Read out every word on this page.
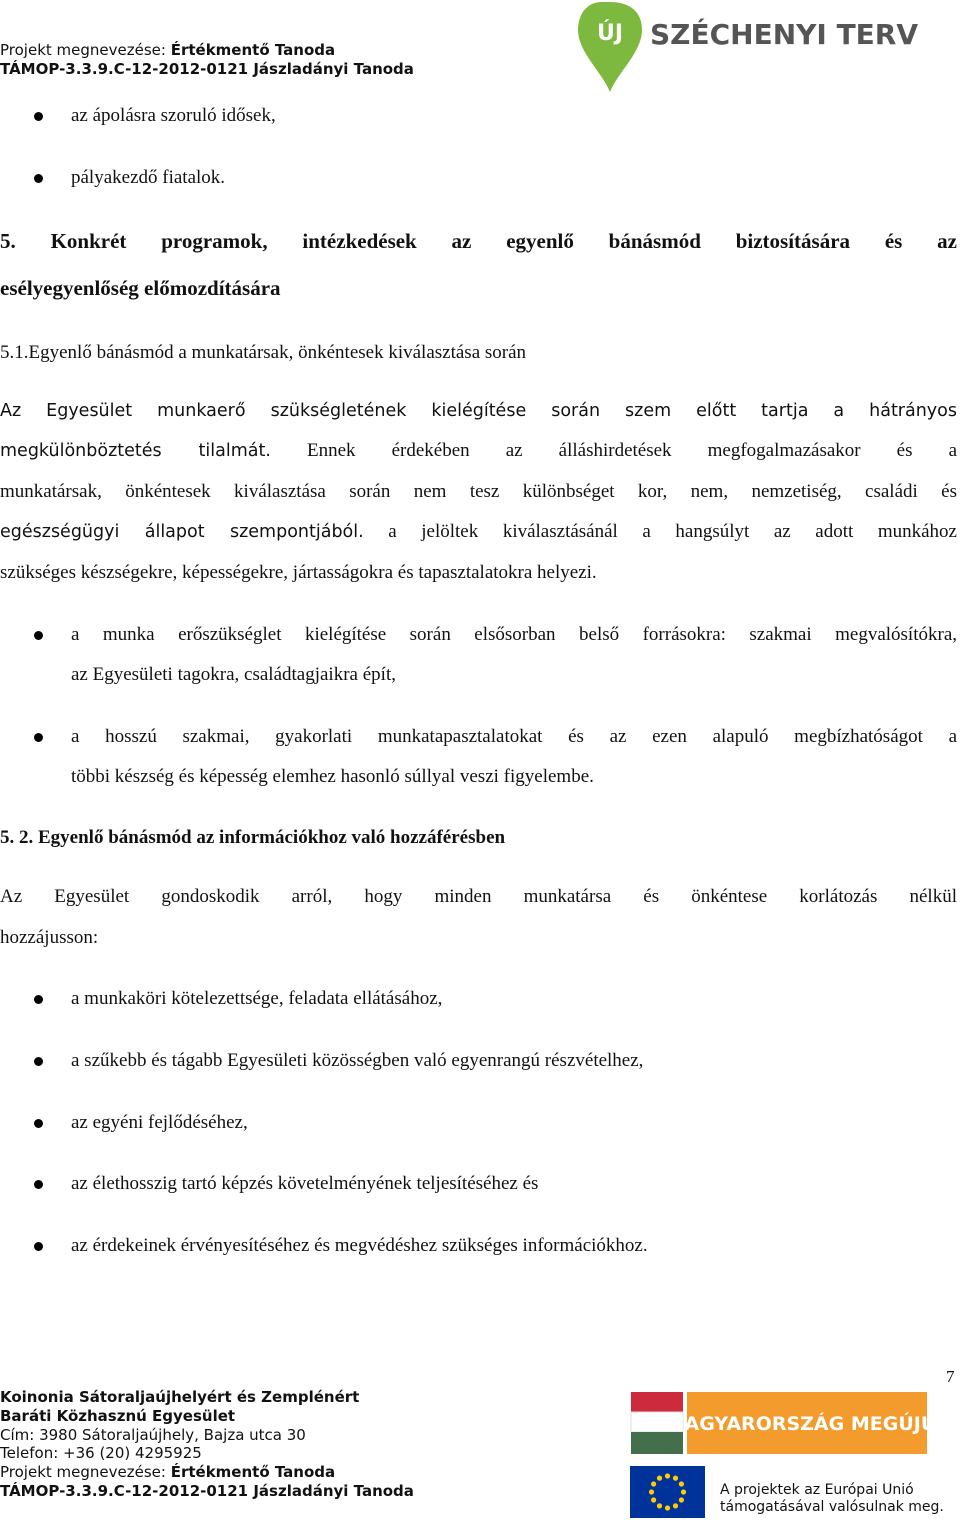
Projekt megnevezése: Értékmentő Tanoda
TÁMOP-3.3.9.C-12-2012-0121 Jászladányi Tanoda
ÚJ SZÉCHENYI TERV
az ápolásra szoruló idősek,
pályakezdő fiatalok.
5. Konkrét programok, intézkedések az egyenlő bánásmód biztosítására és az
esélyegyenlőség előmozdítására
5.1.Egyenlő bánásmód a munkatársak, önkéntesek kiválasztása során
Az Egyesület munkaerő szükségletének kielégítése során szem előtt tartja a hátrányos
megkülönböztetés tilalmát. Ennek érdekében az álláshirdetések megfogalmazásakor és a
munkatársak, önkéntesek kiválasztása során nem tesz különbséget kor, nem, nemzetiség, családi és
egészségügyi állapot szempontjából. a jelöltek kiválasztásánál a hangsúlyt az adott munkához
szükséges készségekre, képességekre, jártasságokra és tapasztalatokra helyezi.
a munka erőszükséglet kielégítése során elsősorban belső forrásokra: szakmai megvalósítókra,
az Egyesületi tagokra, családtagjaikra épít,
a hosszú szakmai, gyakorlati munkatapasztalatokat és az ezen alapuló megbízhatóságot a
többi készség és képesség elemhez hasonló súllyal veszi figyelembe.
5. 2. Egyenlő bánásmód az információkhoz való hozzáférésben
Az Egyesület gondoskodik arról, hogy minden munkatársa és önkéntese korlátozás nélkül
hozzájusson:
a munkaköri kötelezettsége, feladata ellátásához,
a szűkebb és tágabb Egyesületi közösségben való egyenrangú részvételhez,
az egyéni fejlődéséhez,
az élethosszig tartó képzés követelményének teljesítéséhez és
az érdekeinek érvényesítéséhez és megvédéshez szükséges információkhoz.
7
Koinonia Sátoraljaújhelyért és Zemplénért
Baráti Közhasznú Egyesület
Cím: 3980 Sátoraljaújhely, Bajza utca 30
Telefon: +36 (20) 4295925
Projekt megnevezése: Értékmentő Tanoda
TÁMOP-3.3.9.C-12-2012-0121 Jászladányi Tanoda
MAGYARORSZÁG MEGÚJUL
A projektek az Európai Unió
támogatásával valósulnak meg.
